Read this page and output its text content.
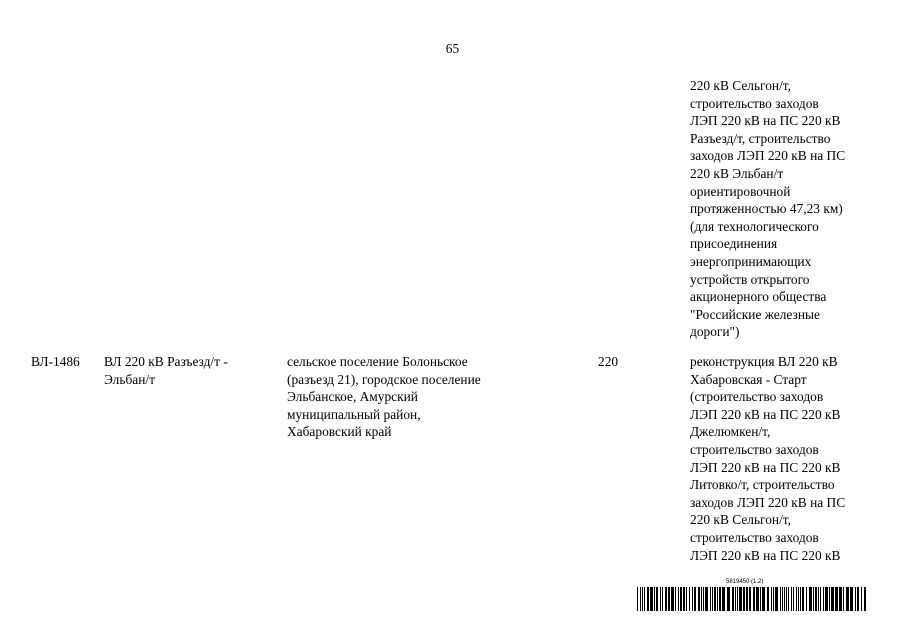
65
220 кВ Сельгон/т,
строительство заходов
ЛЭП 220 кВ на ПС 220 кВ
Разъезд/т, строительство
заходов ЛЭП 220 кВ на ПС
220 кВ Эльбан/т
ориентировочной
протяженностью 47,23 км)
(для технологического
присоединения
энергопринимающих
устройств открытого
акционерного общества
"Российские железные
дороги")
ВЛ-1486 ВЛ 220 кВ Разъезд/т -
Эльбан/т
сельское поселение Болоньское
(разъезд 21), городское поселение
Эльбанское, Амурский
муниципальный район,
Хабаровский край
220	реконструкция ВЛ 220 кВ
Хабаровская - Старт
(строительство заходов
ЛЭП 220 кВ на ПС 220 кВ
Джелюмкен/т,
строительство заходов
ЛЭП 220 кВ на ПС 220 кВ
Литовко/т, строительство
заходов ЛЭП 220 кВ на ПС
220 кВ Сельгон/т,
строительство заходов
ЛЭП 220 кВ на ПС 220 кВ
5819450 (1.2)
